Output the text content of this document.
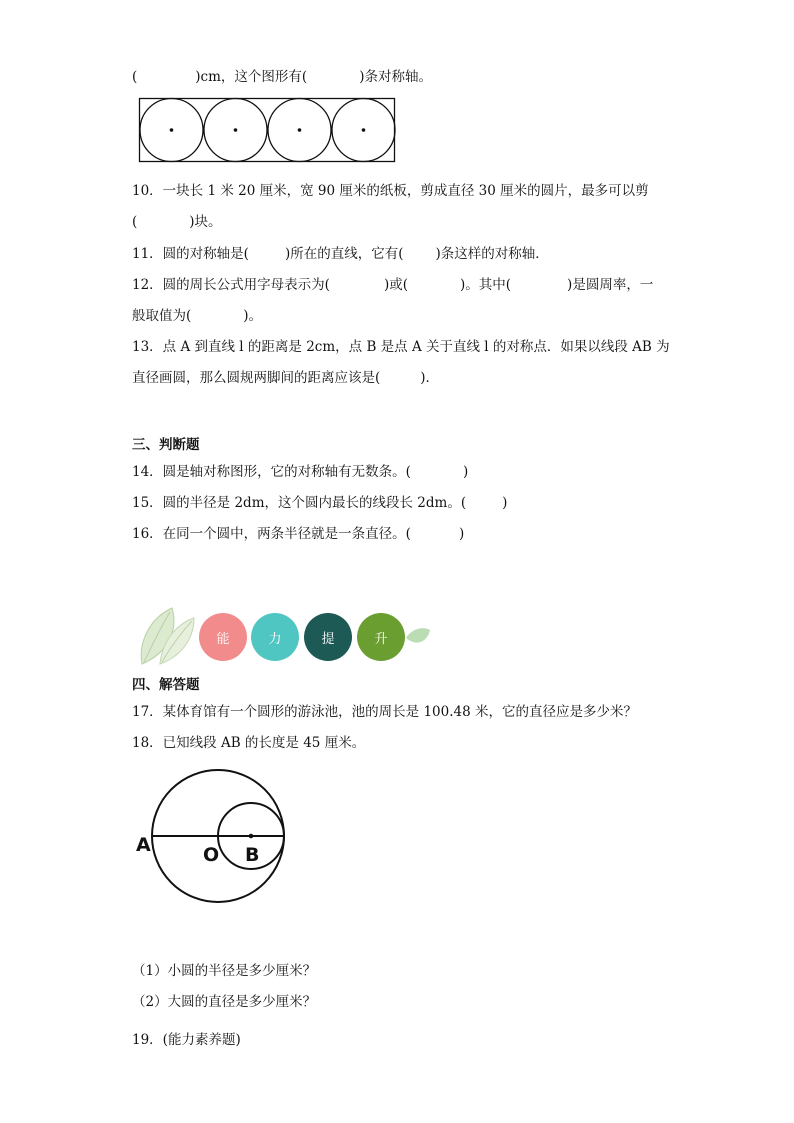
(	)cm，这个图形有(	)条对称轴。
10．一块长 1 米 20 厘米，宽 90 厘米的纸板，剪成直径 30 厘米的圆片，最多可以剪
(	)块。
11．圆的对称轴是(	)所在的直线，它有( )条这样的对称轴．
12．圆的周长公式用字母表示为(	)或(	)。其中(	)是圆周率，一
般取值为(	)。
13．点 A 到直线 l 的距离是 2cm，点 B 是点 A 关于直线 l 的对称点．如果以线段 AB 为
直径画圆，那么圆规两脚间的距离应该是(	)．
三、判断题
14．圆是轴对称图形，它的对称轴有无数条。(	)
15．圆的半径是 2dm，这个圆内最长的线段长 2dm。(	)
16．在同一个圆中，两条半径就是一条直径。(	)
能	力	提	升
四、解答题
17．某体育馆有一个圆形的游泳池，池的周长是 100.48 米，它的直径应是多少米？
18．已知线段 AB 的长度是 45 厘米。
A	O B
（1）小圆的半径是多少厘米？
（2）大圆的直径是多少厘米？
19．(能力素养题)
